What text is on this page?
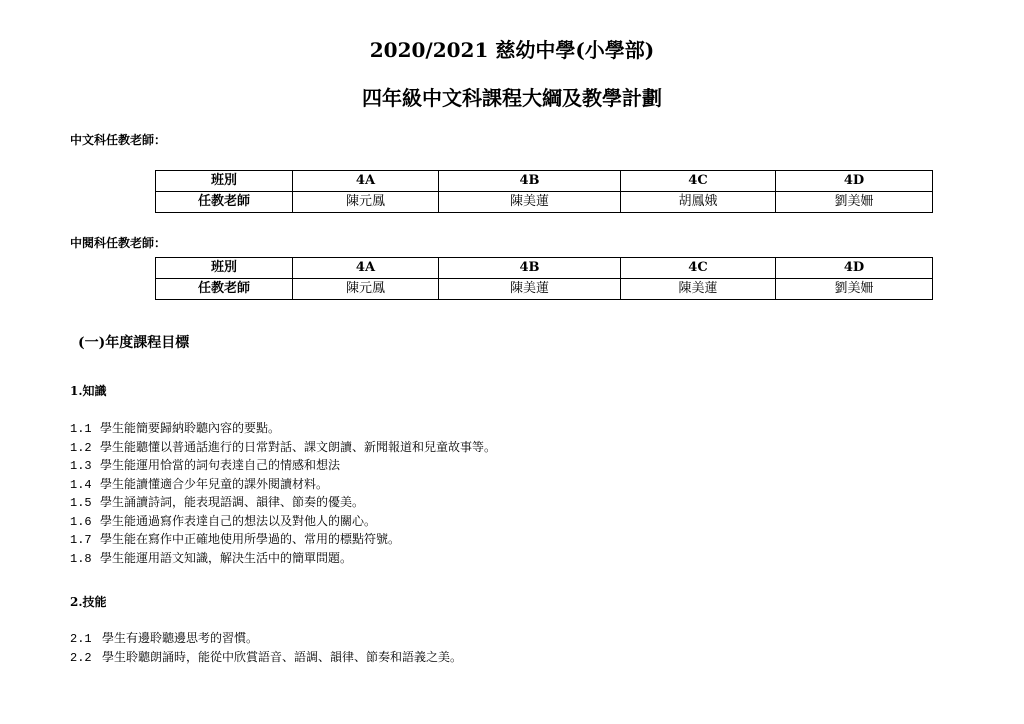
2020/2021 慈幼中學(小學部)
四年級中文科課程大綱及教學計劃
中文科任教老師：
班別	4A	4B	4C	4D
任教老師	陳元鳳	陳美蓮	胡鳳娥	劉美姍
中閱科任教老師：
班別	4A	4B	4C	4D
任教老師	陳元鳳	陳美蓮	陳美蓮	劉美姍
(一)年度課程目標
1.知識
1.1 學生能簡要歸納聆聽內容的要點。
1.2 學生能聽懂以普通話進行的日常對話、課文朗讀、新聞報道和兒童故事等。
1.3 學生能運用恰當的詞句表達自己的情感和想法
1.4 學生能讀懂適合少年兒童的課外閱讀材料。
1.5 學生誦讀詩詞，能表現語調、韻律、節奏的優美。
1.6 學生能通過寫作表達自己的想法以及對他人的關心。
1.7 學生能在寫作中正確地使用所學過的、常用的標點符號。
1.8 學生能運用語文知識，解決生活中的簡單問題。
2.技能
2.1 學生有邊聆聽邊思考的習慣。
2.2 學生聆聽朗誦時，能從中欣賞語音、語調、韻律、節奏和語義之美。
